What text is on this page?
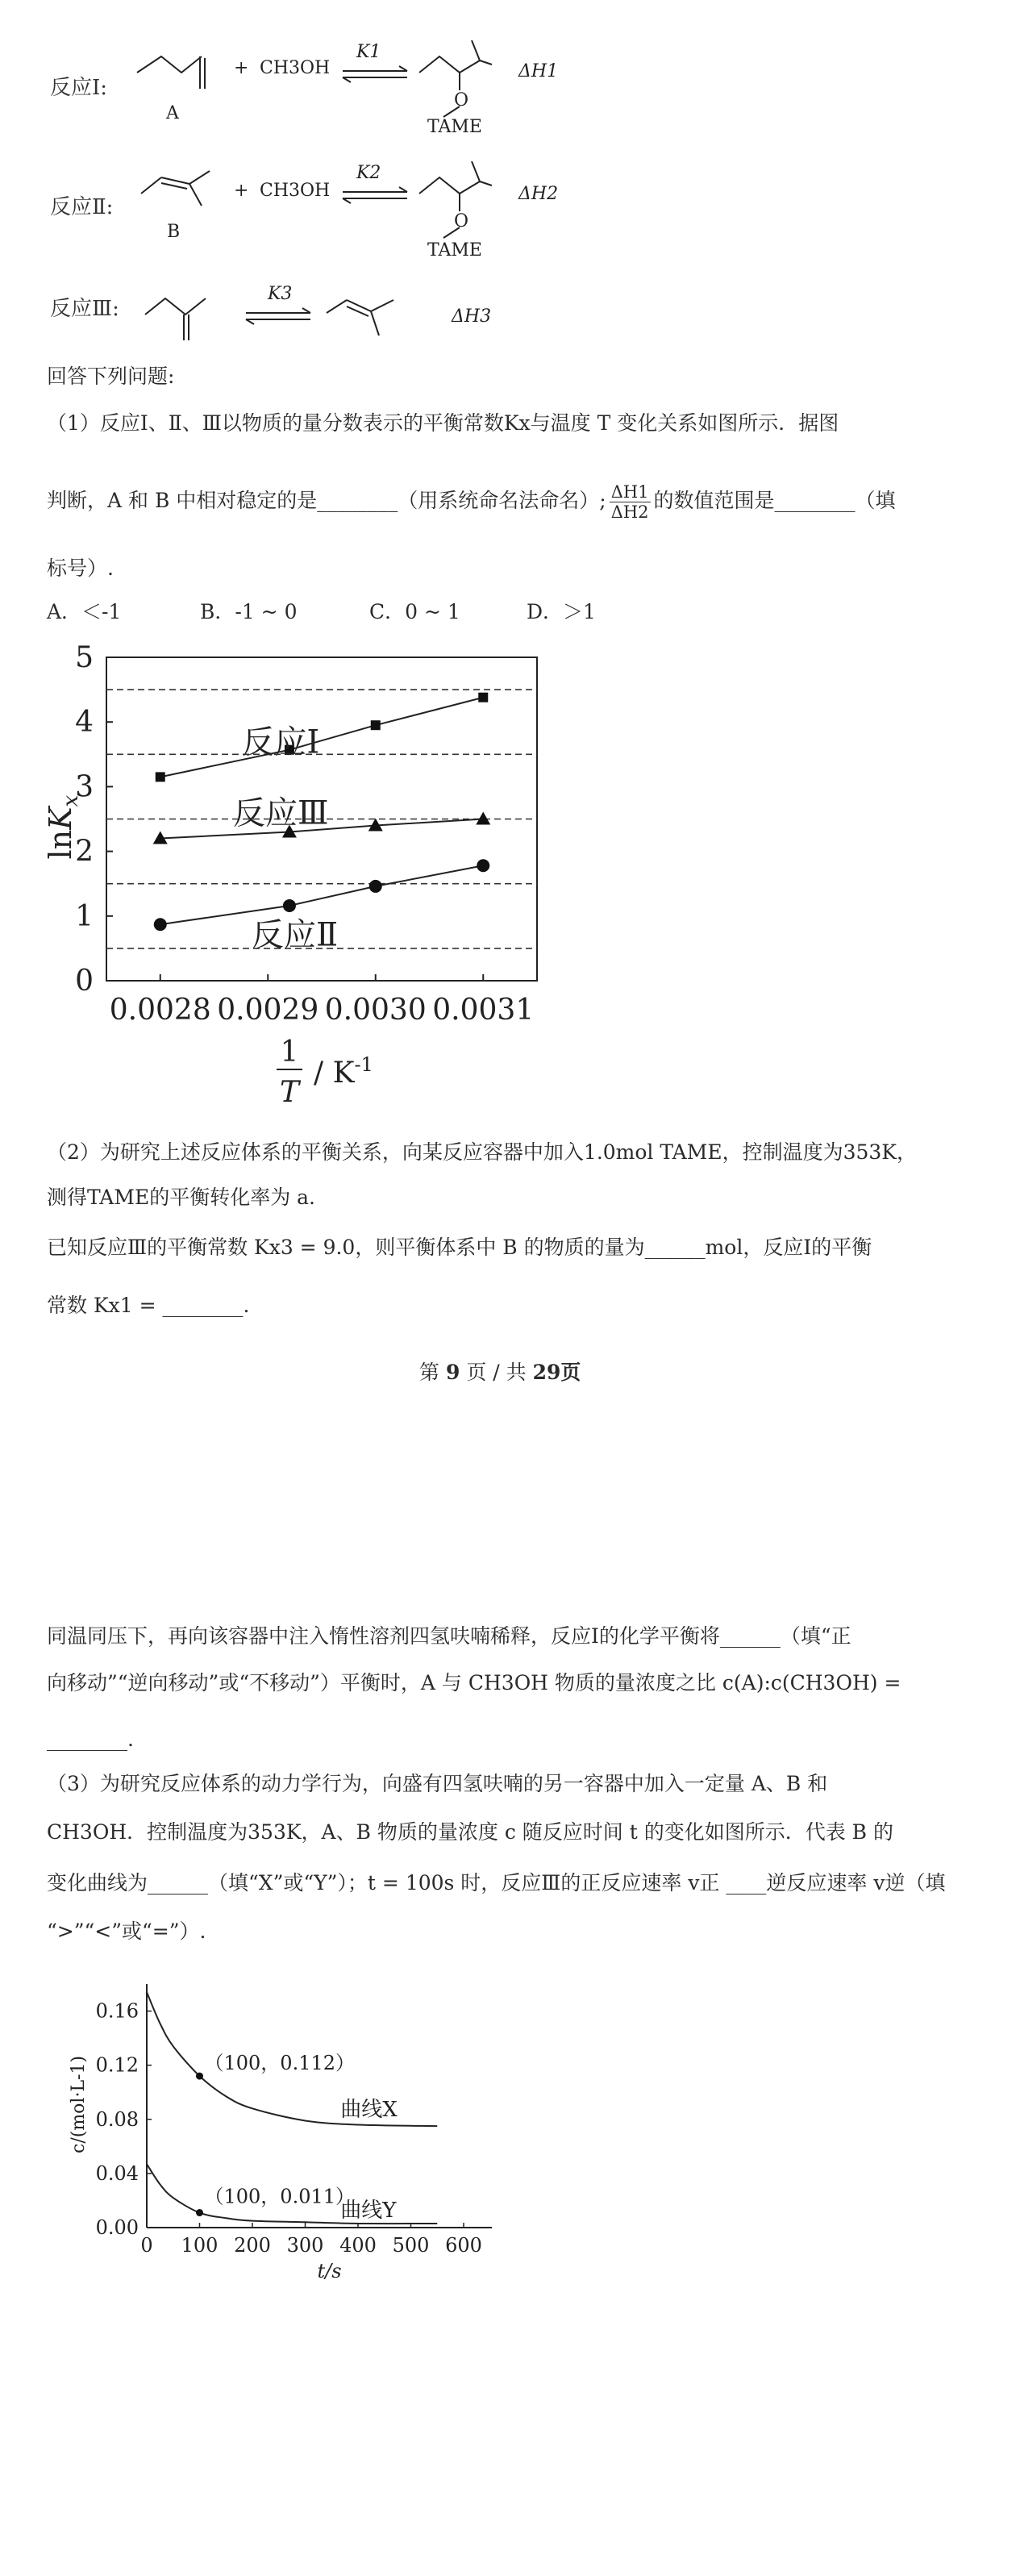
反应Ⅰ:
A
+ CH3OH
K1
O
TAME
ΔH1
反应Ⅱ:
B
+ CH3OH
K2
O
TAME
ΔH2
反应Ⅲ:
K3
ΔH3
回答下列问题:
（1）反应Ⅰ、Ⅱ、Ⅲ以物质的量分数表示的平衡常数Kx与温度 T 变化关系如图所示．据图
判断，A 和 B 中相对稳定的是________（用系统命名法命名）; $\frac{\Delta H1}{\Delta H2}$ 的数值范围是________（填
标号）.
A．＜-1	B．-1 ~ 0	C．0 ~ 1	D．＞1
0
1
2
3
4
5
0.0028 0.0029 0.0030 0.0031
lnK$_x$
1
T
/ $K^{-1}$
反应Ⅰ
反应Ⅲ
反应Ⅱ
（2）为研究上述反应体系的平衡关系，向某反应容器中加入1.0mol TAME，控制温度为353K，
测得TAME的平衡转化率为 a.
已知反应Ⅲ的平衡常数 Kx3 = 9.0，则平衡体系中 B 的物质的量为______mol，反应Ⅰ的平衡
常数 Kx1 = ________.
第 9 页 / 共 29页
同温同压下，再向该容器中注入惰性溶剂四氢呋喃稀释，反应Ⅰ的化学平衡将______（填“正
向移动”“逆向移动”或“不移动”）平衡时，A 与 CH3OH 物质的量浓度之比 c(A):c(CH3OH) =
________.
（3）为研究反应体系的动力学行为，向盛有四氢呋喃的另一容器中加入一定量 A、B 和
CH3OH．控制温度为353K，A、B 物质的量浓度 c 随反应时间 t 的变化如图所示．代表 B 的
变化曲线为______（填“X”或“Y”）；t = 100s 时，反应Ⅲ的正反应速率 v正 ____逆反应速率 v逆（填
“>”“<”或“=”）.
0.00
0.04
0.08
0.12
0.16
0 100 200 300 400 500 600
t/s
c/(mol·L-1)	曲线X
曲线Y
（100，0.112）
（100，0.011）
